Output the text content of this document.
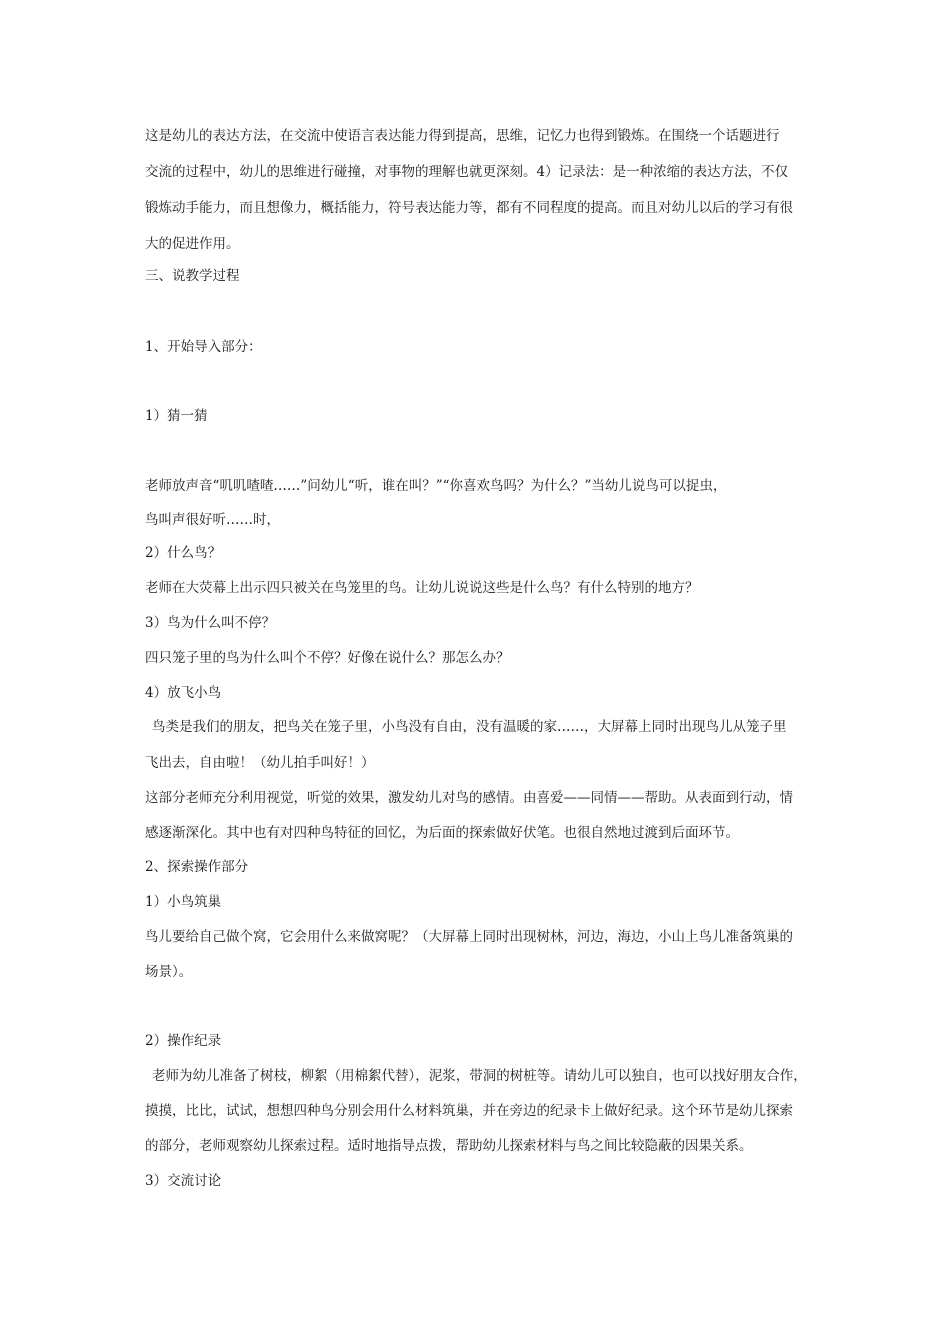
这是幼儿的表达方法，在交流中使语言表达能力得到提高，思维，记忆力也得到锻炼。在围绕一个话题进行
交流的过程中，幼儿的思维进行碰撞，对事物的理解也就更深刻。4）记录法：是一种浓缩的表达方法，不仅
锻炼动手能力，而且想像力，概括能力，符号表达能力等，都有不同程度的提高。而且对幼儿以后的学习有很
大的促进作用。
三、说教学过程
1、开始导入部分：
1）猜一猜
老师放声音“叽叽喳喳……”问幼儿“听，谁在叫？”“你喜欢鸟吗？为什么？”当幼儿说鸟可以捉虫，
鸟叫声很好听……时，
2）什么鸟？
老师在大荧幕上出示四只被关在鸟笼里的鸟。让幼儿说说这些是什么鸟？有什么特别的地方？
3）鸟为什么叫不停？
四只笼子里的鸟为什么叫个不停？好像在说什么？那怎么办？
4）放飞小鸟
鸟类是我们的朋友，把鸟关在笼子里，小鸟没有自由，没有温暖的家……，大屏幕上同时出现鸟儿从笼子里
飞出去，自由啦！（幼儿拍手叫好！）
这部分老师充分利用视觉，听觉的效果，激发幼儿对鸟的感情。由喜爱——同情——帮助。从表面到行动，情
感逐渐深化。其中也有对四种鸟特征的回忆，为后面的探索做好伏笔。也很自然地过渡到后面环节。
2、探索操作部分
1）小鸟筑巢
鸟儿要给自己做个窝，它会用什么来做窝呢？（大屏幕上同时出现树林，河边，海边，小山上鸟儿准备筑巢的
场景）。
2）操作纪录
老师为幼儿准备了树枝，柳絮（用棉絮代替），泥浆，带洞的树桩等。请幼儿可以独自，也可以找好朋友合作，
摸摸，比比，试试，想想四种鸟分别会用什么材料筑巢，并在旁边的纪录卡上做好纪录。这个环节是幼儿探索
的部分，老师观察幼儿探索过程。适时地指导点拨，帮助幼儿探索材料与鸟之间比较隐蔽的因果关系。
3）交流讨论
